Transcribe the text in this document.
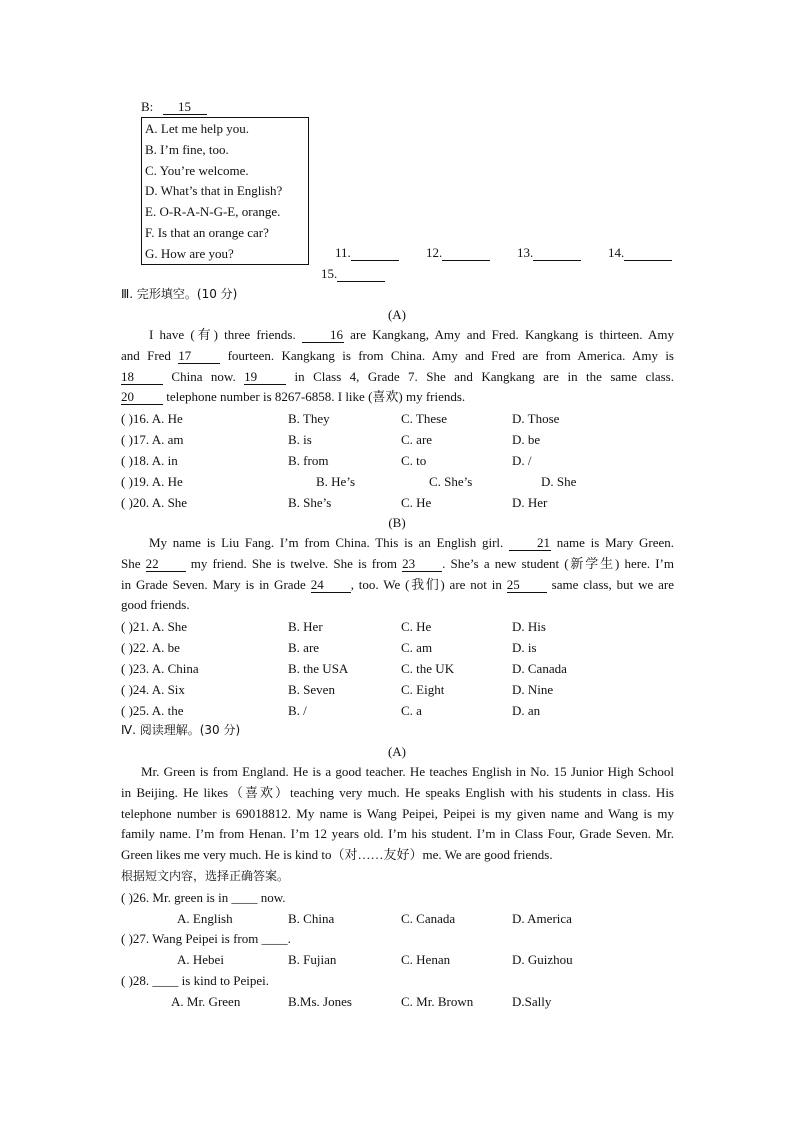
B: 15
A. Let me help you.
B. I’m fine, too.
C. You’re welcome.
D. What’s that in English?
E. O-R-A-N-G-E, orange.
F. Is that an orange car?
G. How are you?	11.	12.	13.	14.
15.
Ⅲ. 完形填空。(10 分)
(A)
I have (有) three friends. 16 are Kangkang, Amy and Fred. Kangkang is thirteen. Amy
and Fred 17 fourteen. Kangkang is from China. Amy and Fred are from America. Amy is
18 China now. 19 in Class 4, Grade 7. She and Kangkang are in the same class.
20 telephone number is 8267-6858. I like (喜欢) my friends.
( )16. A. He	B. They	C. These	D. Those
( )17. A. am	B. is	C. are	D. be
( )18. A. in	B. from	C. to	D. /
( )19. A. He	B. He’s	C. She’s	D. She
( )20. A. She	B. She’s	C. He	D. Her
(B)
My name is Liu Fang. I’m from China. This is an English girl. 21 name is Mary Green.
She 22 my friend. She is twelve. She is from 23 . She’s a new student (新学生) here. I’m
in Grade Seven. Mary is in Grade 24 , too. We (我们) are not in 25 same class, but we are
good friends.
( )21. A. She	B. Her	C. He	D. His
( )22. A. be	B. are	C. am	D. is
( )23. A. China	B. the USA	C. the UK	D. Canada
( )24. A. Six	B. Seven	C. Eight	D. Nine
( )25. A. the	B. /	C. a	D. an
Ⅳ. 阅读理解。(30 分)
(A)
Mr. Green is from England. He is a good teacher. He teaches English in No. 15 Junior High School
in Beijing. He likes（喜欢）teaching very much. He speaks English with his students in class. His
telephone number is 69018812. My name is Wang Peipei, Peipei is my given name and Wang is my
family name. I’m from Henan. I’m 12 years old. I’m his student. I’m in Class Four, Grade Seven. Mr.
Green likes me very much. He is kind to（对……友好）me. We are good friends.
根据短文内容，选择正确答案。
( )26. Mr. green is in ____ now.
A. English	B. China	C. Canada	D. America
( )27. Wang Peipei is from ____.
A. Hebei	B. Fujian	C. Henan	D. Guizhou
( )28. ____ is kind to Peipei.
A. Mr. Green	B.Ms. Jones	C. Mr. Brown	D.Sally
